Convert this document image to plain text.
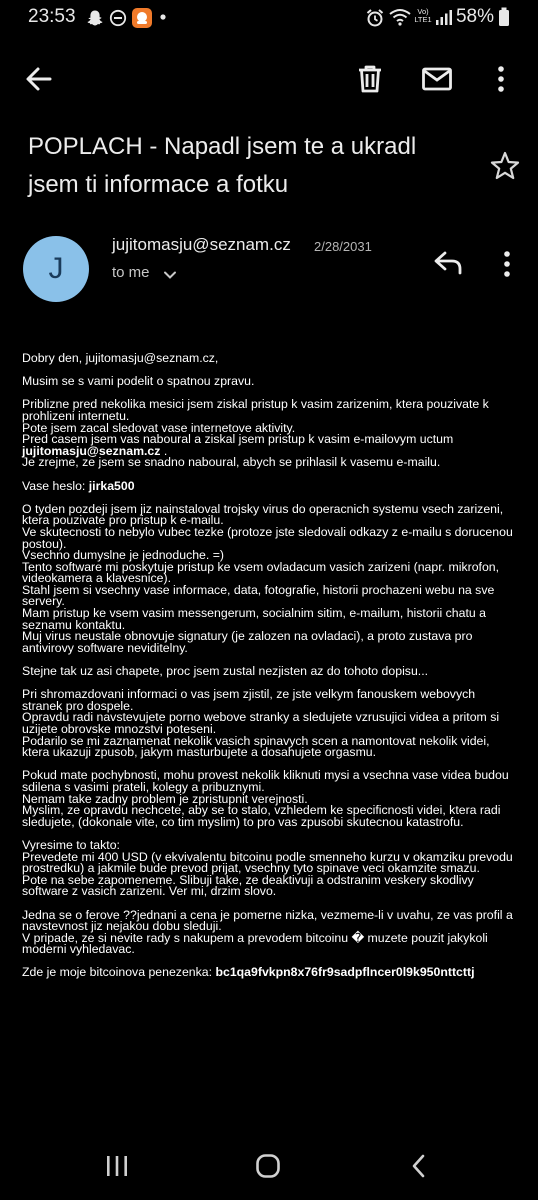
23:53	Vo)
LTE1 58%
POPLACH - Napadl jsem te a ukradl jsem ti informace a fotku
J
jujitomasju@seznam.cz 2/28/2031
to me

Dobry den, jujitomasju@seznam.cz,

Musim se s vami podelit o spatnou zpravu.

Priblizne pred nekolika mesici jsem ziskal pristup k vasim zarizenim, ktera pouzivate k prohlizeni internetu.
Pote jsem zacal sledovat vase internetove aktivity.
Pred casem jsem vas naboural a ziskal jsem pristup k vasim e-mailovym uctum
jujitomasju@seznam.cz .
Je zrejme, ze jsem se snadno naboural, abych se prihlasil k vasemu e-mailu.

Vase heslo: jirka500

O tyden pozdeji jsem jiz nainstaloval trojsky virus do operacnich systemu vsech zarizeni, ktera pouzivate pro pristup k e-mailu.
Ve skutecnosti to nebylo vubec tezke (protoze jste sledovali odkazy z e-mailu s dorucenou postou).
Vsechno dumyslne je jednoduche. =)
Tento software mi poskytuje pristup ke vsem ovladacum vasich zarizeni (napr. mikrofon, videokamera a klavesnice).
Stahl jsem si vsechny vase informace, data, fotografie, historii prochazeni webu na sve servery.
Mam pristup ke vsem vasim messengerum, socialnim sitim, e-mailum, historii chatu a seznamu kontaktu.
Muj virus neustale obnovuje signatury (je zalozen na ovladaci), a proto zustava pro antivirovy software neviditelny.

Stejne tak uz asi chapete, proc jsem zustal nezjisten az do tohoto dopisu...

Pri shromazdovani informaci o vas jsem zjistil, ze jste velkym fanouskem webovych stranek pro dospele.
Opravdu radi navstevujete porno webove stranky a sledujete vzrusujici videa a pritom si uzijete obrovske mnozstvi poteseni.
Podarilo se mi zaznamenat nekolik vasich spinavych scen a namontovat nekolik videi, ktera ukazuji zpusob, jakym masturbujete a dosahujete orgasmu.

Pokud mate pochybnosti, mohu provest nekolik kliknuti mysi a vsechna vase videa budou sdilena s vasimi prateli, kolegy a pribuznymi.
Nemam take zadny problem je zpristupnit verejnosti.
Myslim, ze opravdu nechcete, aby se to stalo, vzhledem ke specificnosti videi, ktera radi sledujete, (dokonale vite, co tim myslim) to pro vas zpusobi skutecnou katastrofu.

Vyresime to takto:
Prevedete mi 400 USD (v ekvivalentu bitcoinu podle smenneho kurzu v okamziku prevodu prostredku) a jakmile bude prevod prijat, vsechny tyto spinave veci okamzite smazu.
Pote na sebe zapomeneme. Slibuji take, ze deaktivuji a odstranim veskery skodlivy software z vasich zarizeni. Ver mi, drzim slovo.

Jedna se o ferove ??jednani a cena je pomerne nizka, vezmeme-li v uvahu, ze vas profil a navstevnost jiz nejakou dobu sleduji.
V pripade, ze si nevite rady s nakupem a prevodem bitcoinu � muzete pouzit jakykoli moderni vyhledavac.

Zde je moje bitcoinova penezenka: bc1qa9fvkpn8x76fr9sadpflncer0l9k950nttcttj
